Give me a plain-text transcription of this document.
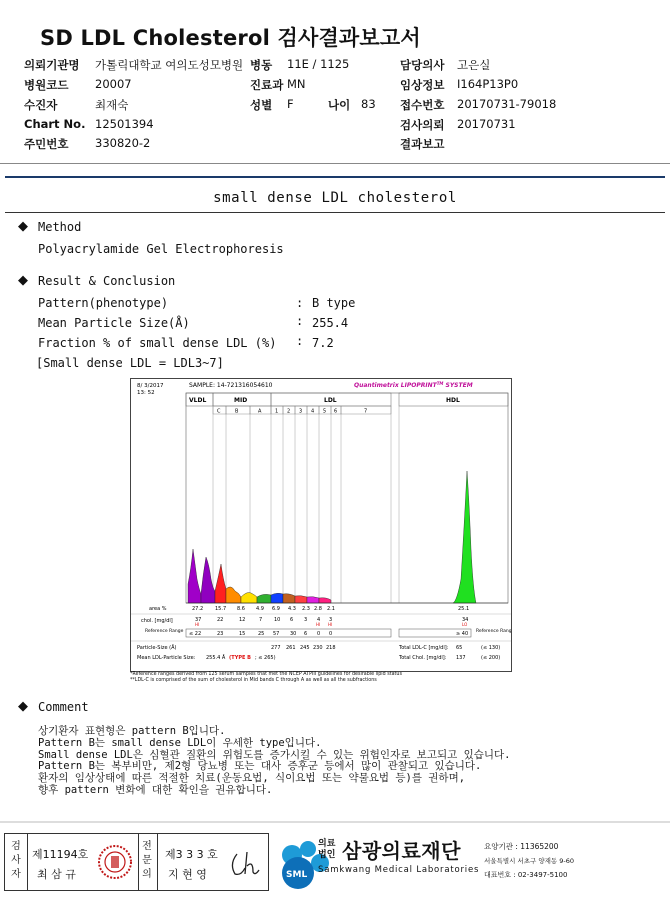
SD LDL Cholesterol 검사결과보고서
의뢰기관명 가톨릭대학교 여의도성모병원 병동 11E / 1125	담당의사 고은실
병원코드 20007	진료과 MN	임상정보 I164P13P0
수진자	최재숙	성별 F	나이 83 접수번호 20170731-79018
Chart No. 12501394	검사의뢰 20170731
주민번호 330820-2	결과보고
small dense LDL cholesterol
◆ Method
Polyacrylamide Gel Electrophoresis
◆ Result & Conclusion
Pattern(phenotype)	: B type
Mean Particle Size(Å)	: 255.4
Fraction % of small dense LDL (%) : 7.2
[Small dense LDL = LDL3~7]
8/ 3/2017
13: 52
SAMPLE: 14-721316054610	Quantimetrix LIPOPRINT™ SYSTEM
VLDL	MID	LDL	HDL
C	B	A	1 2 3 4 5 6	7
area %	27.2 15.7 8.6 4.9 6.9 4.3 2.3 2.8 2.1	25.1
chol. [mg/dl]	37	22	12	7 10 6 3 4 3	34
HI	HI HI	LO
Reference Range ≤ 22	23	15	25 57 30 6 0 0	≥ 40 Reference Range
Particle-Size (Å)	277 261 245 230 218	Total LDL-C [mg/dl]: 65	(≤ 130)
Mean LDL-Particle Size: 255.4 Å (TYPE B ; ≤ 265)	Total Chol. [mg/dl]: 137	(≤ 200)
*Reference ranges derived from 125 serum samples that met the NCEP ATPIII guidelines for desirable lipid status
**LDL-C is comprised of the sum of cholesterol in Mid bands C through A as well as all the subfractions
◆ Comment
상기환자 표현형은 pattern B입니다.
Pattern B는 small dense LDL이 우세한 type입니다.
Small dense LDL은 심혈관 질환의 위험도를 증가시킬 수 있는 위험인자로 보고되고 있습니다.
Pattern B는 복부비만, 제2형 당뇨병 또는 대사 증후군 등에서 많이 관찰되고 있습니다.
환자의 임상상태에 따른 적절한 치료(운동요법, 식이요법 또는 약물요법 등)를 권하며,
향후 pattern 변화에 대한 확인을 권유합니다.
검사자
제11194호
최 삼 규
전문의
제3 3 3 호
지 현 영	SML
의료법인 삼광의료재단
Samkwang Medical Laboratories
요양기관 : 11365200
서울특별시 서초구 양재동 9-60
대표번호 : 02-3497-5100
